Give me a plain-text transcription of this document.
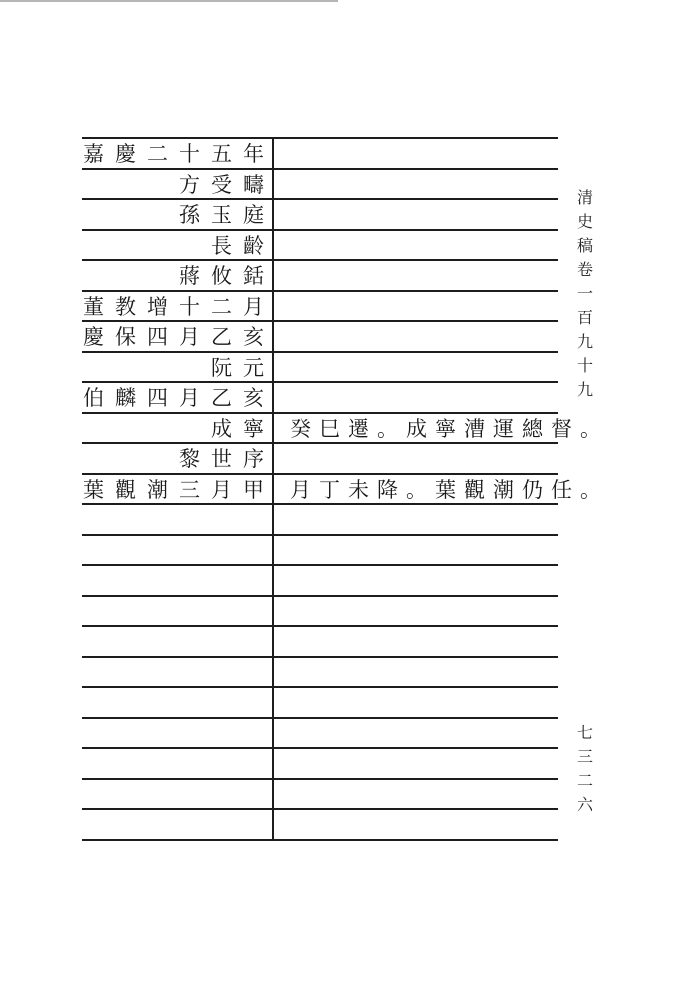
嘉慶二十五年
方受疇
孫玉庭
長齡
蔣攸銛
董教增十二月
慶保四月乙亥
阮元
伯麟四月乙亥
成寧 癸巳遷。成寧漕運總督。
黎世序
葉觀潮三月甲 月丁未降。葉觀潮仍任。
清
史
稿
卷
一
百
九
十
九
七
三
二
六
